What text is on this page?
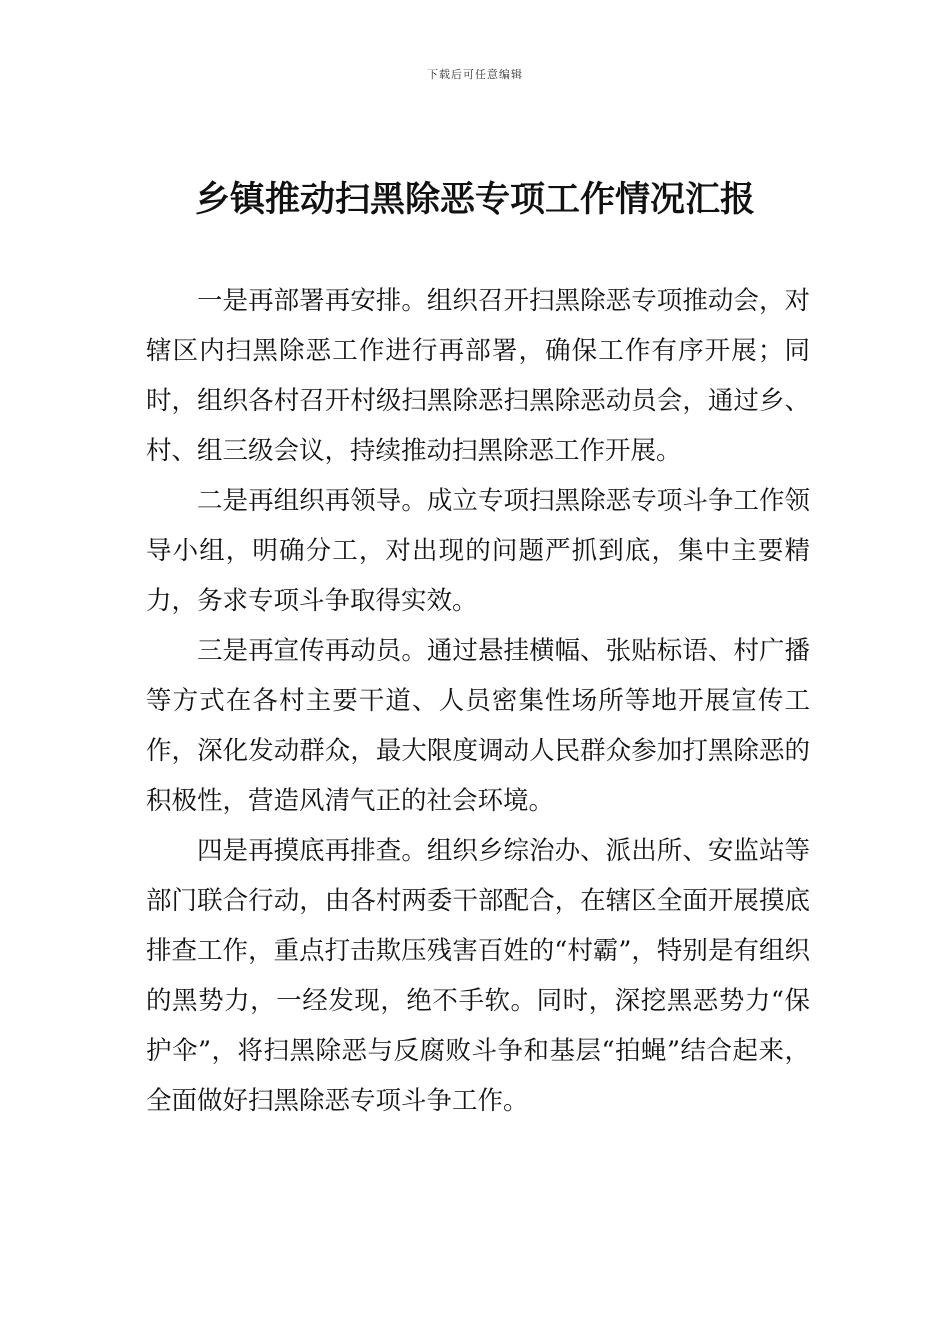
下载后可任意编辑
乡镇推动扫黑除恶专项工作情况汇报

一是再部署再安排。组织召开扫黑除恶专项推动会，对辖区内扫黑除恶工作进行再部署，确保工作有序开展；同时，组织各村召开村级扫黑除恶扫黑除恶动员会，通过乡、村、组三级会议，持续推动扫黑除恶工作开展。

二是再组织再领导。成立专项扫黑除恶专项斗争工作领导小组，明确分工，对出现的问题严抓到底，集中主要精力，务求专项斗争取得实效。

三是再宣传再动员。通过悬挂横幅、张贴标语、村广播等方式在各村主要干道、人员密集性场所等地开展宣传工作，深化发动群众，最大限度调动人民群众参加打黑除恶的积极性，营造风清气正的社会环境。

四是再摸底再排查。组织乡综治办、派出所、安监站等部门联合行动，由各村两委干部配合，在辖区全面开展摸底排查工作，重点打击欺压残害百姓的“村霸”，特别是有组织的黑势力，一经发现，绝不手软。同时，深挖黑恶势力“保护伞”，将扫黑除恶与反腐败斗争和基层“拍蝇”结合起来，全面做好扫黑除恶专项斗争工作。
